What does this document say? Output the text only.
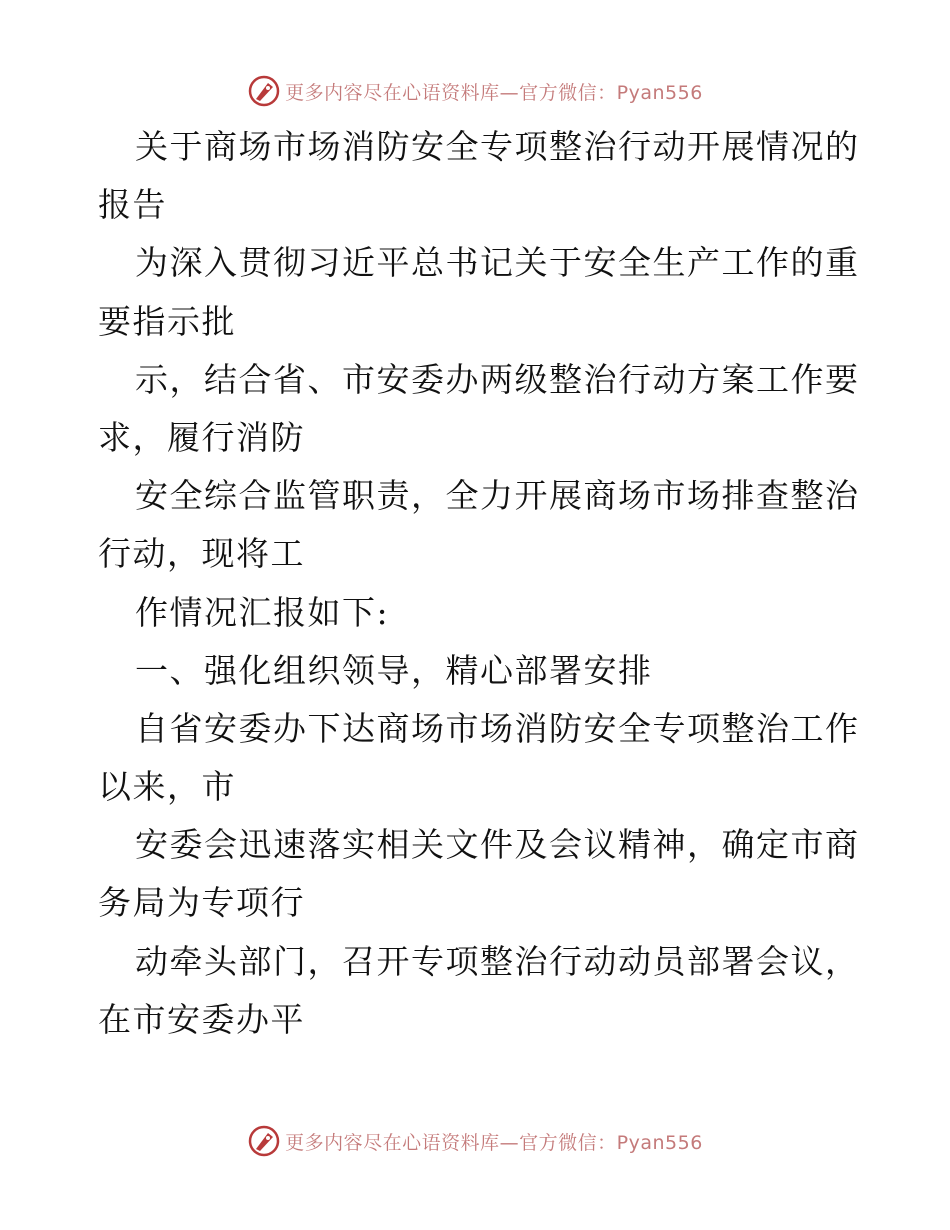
更多内容尽在心语资料库—官方微信：Pyan556
关于商场市场消防安全专项整治行动开展情况的
报告
为深入贯彻习近平总书记关于安全生产工作的重
要指示批
示，结合省、市安委办两级整治行动方案工作要
求，履行消防
安全综合监管职责，全力开展商场市场排查整治
行动，现将工
作情况汇报如下:
一、强化组织领导，精心部署安排
自省安委办下达商场市场消防安全专项整治工作
以来，市
安委会迅速落实相关文件及会议精神，确定市商
务局为专项行
动牵头部门，召开专项整治行动动员部署会议，
在市安委办平
更多内容尽在心语资料库—官方微信：Pyan556
